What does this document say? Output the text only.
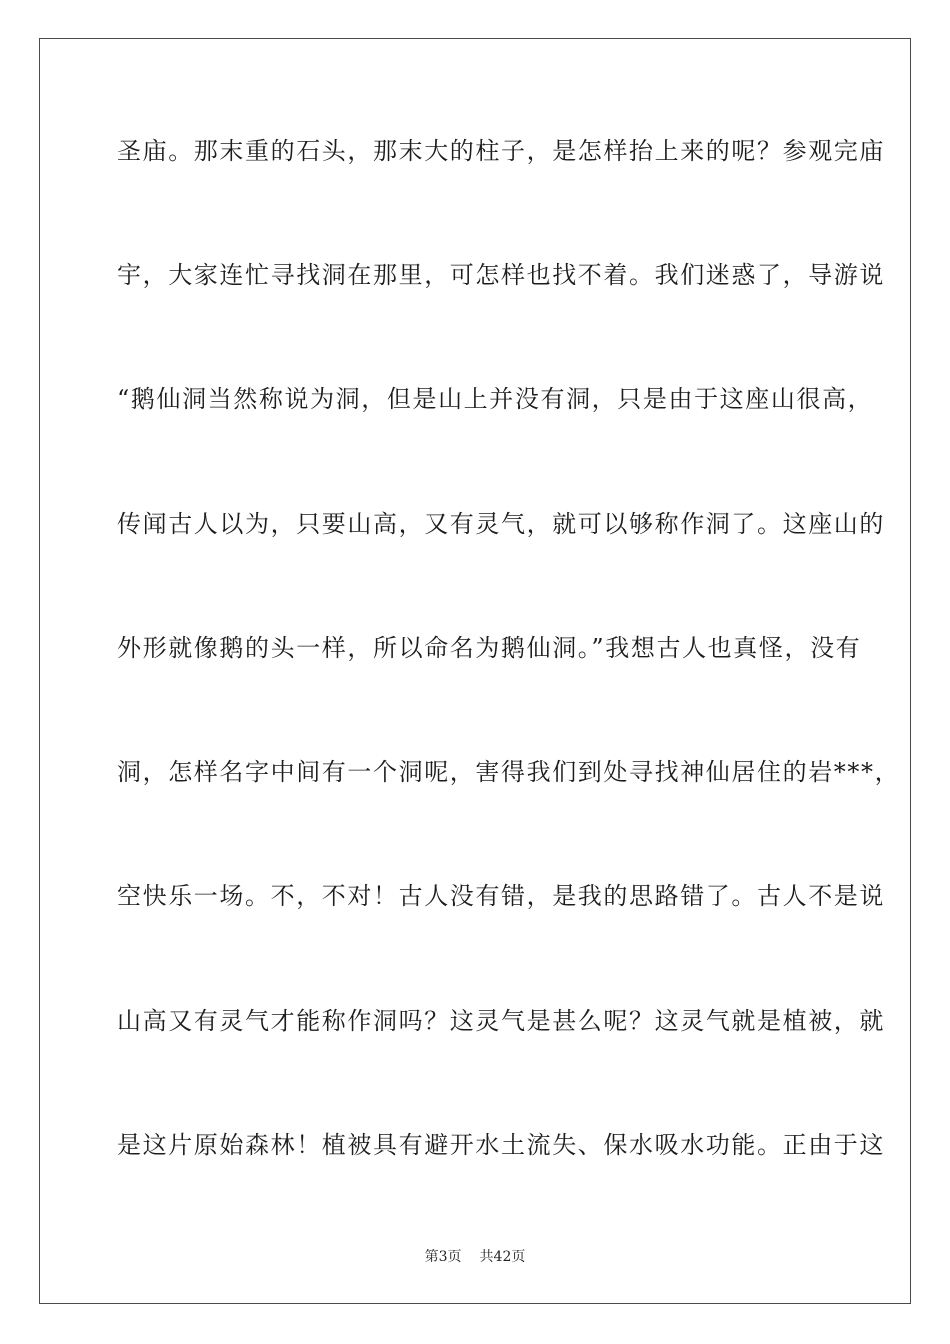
圣庙。那末重的石头，那末大的柱子，是怎样抬上来的呢？参观完庙
宇，大家连忙寻找洞在那里，可怎样也找不着。我们迷惑了，导游说
“鹅仙洞当然称说为洞，但是山上并没有洞，只是由于这座山很高，
传闻古人以为，只要山高，又有灵气，就可以够称作洞了。这座山的
外形就像鹅的头一样，所以命名为鹅仙洞。”我想古人也真怪，没有
洞，怎样名字中间有一个洞呢，害得我们到处寻找神仙居住的岩***，
空快乐一场。不，不对！古人没有错，是我的思路错了。古人不是说
山高又有灵气才能称作洞吗？这灵气是甚么呢？这灵气就是植被，就
是这片原始森林！植被具有避开水土流失、保水吸水功能。正由于这
第3页 共42页
